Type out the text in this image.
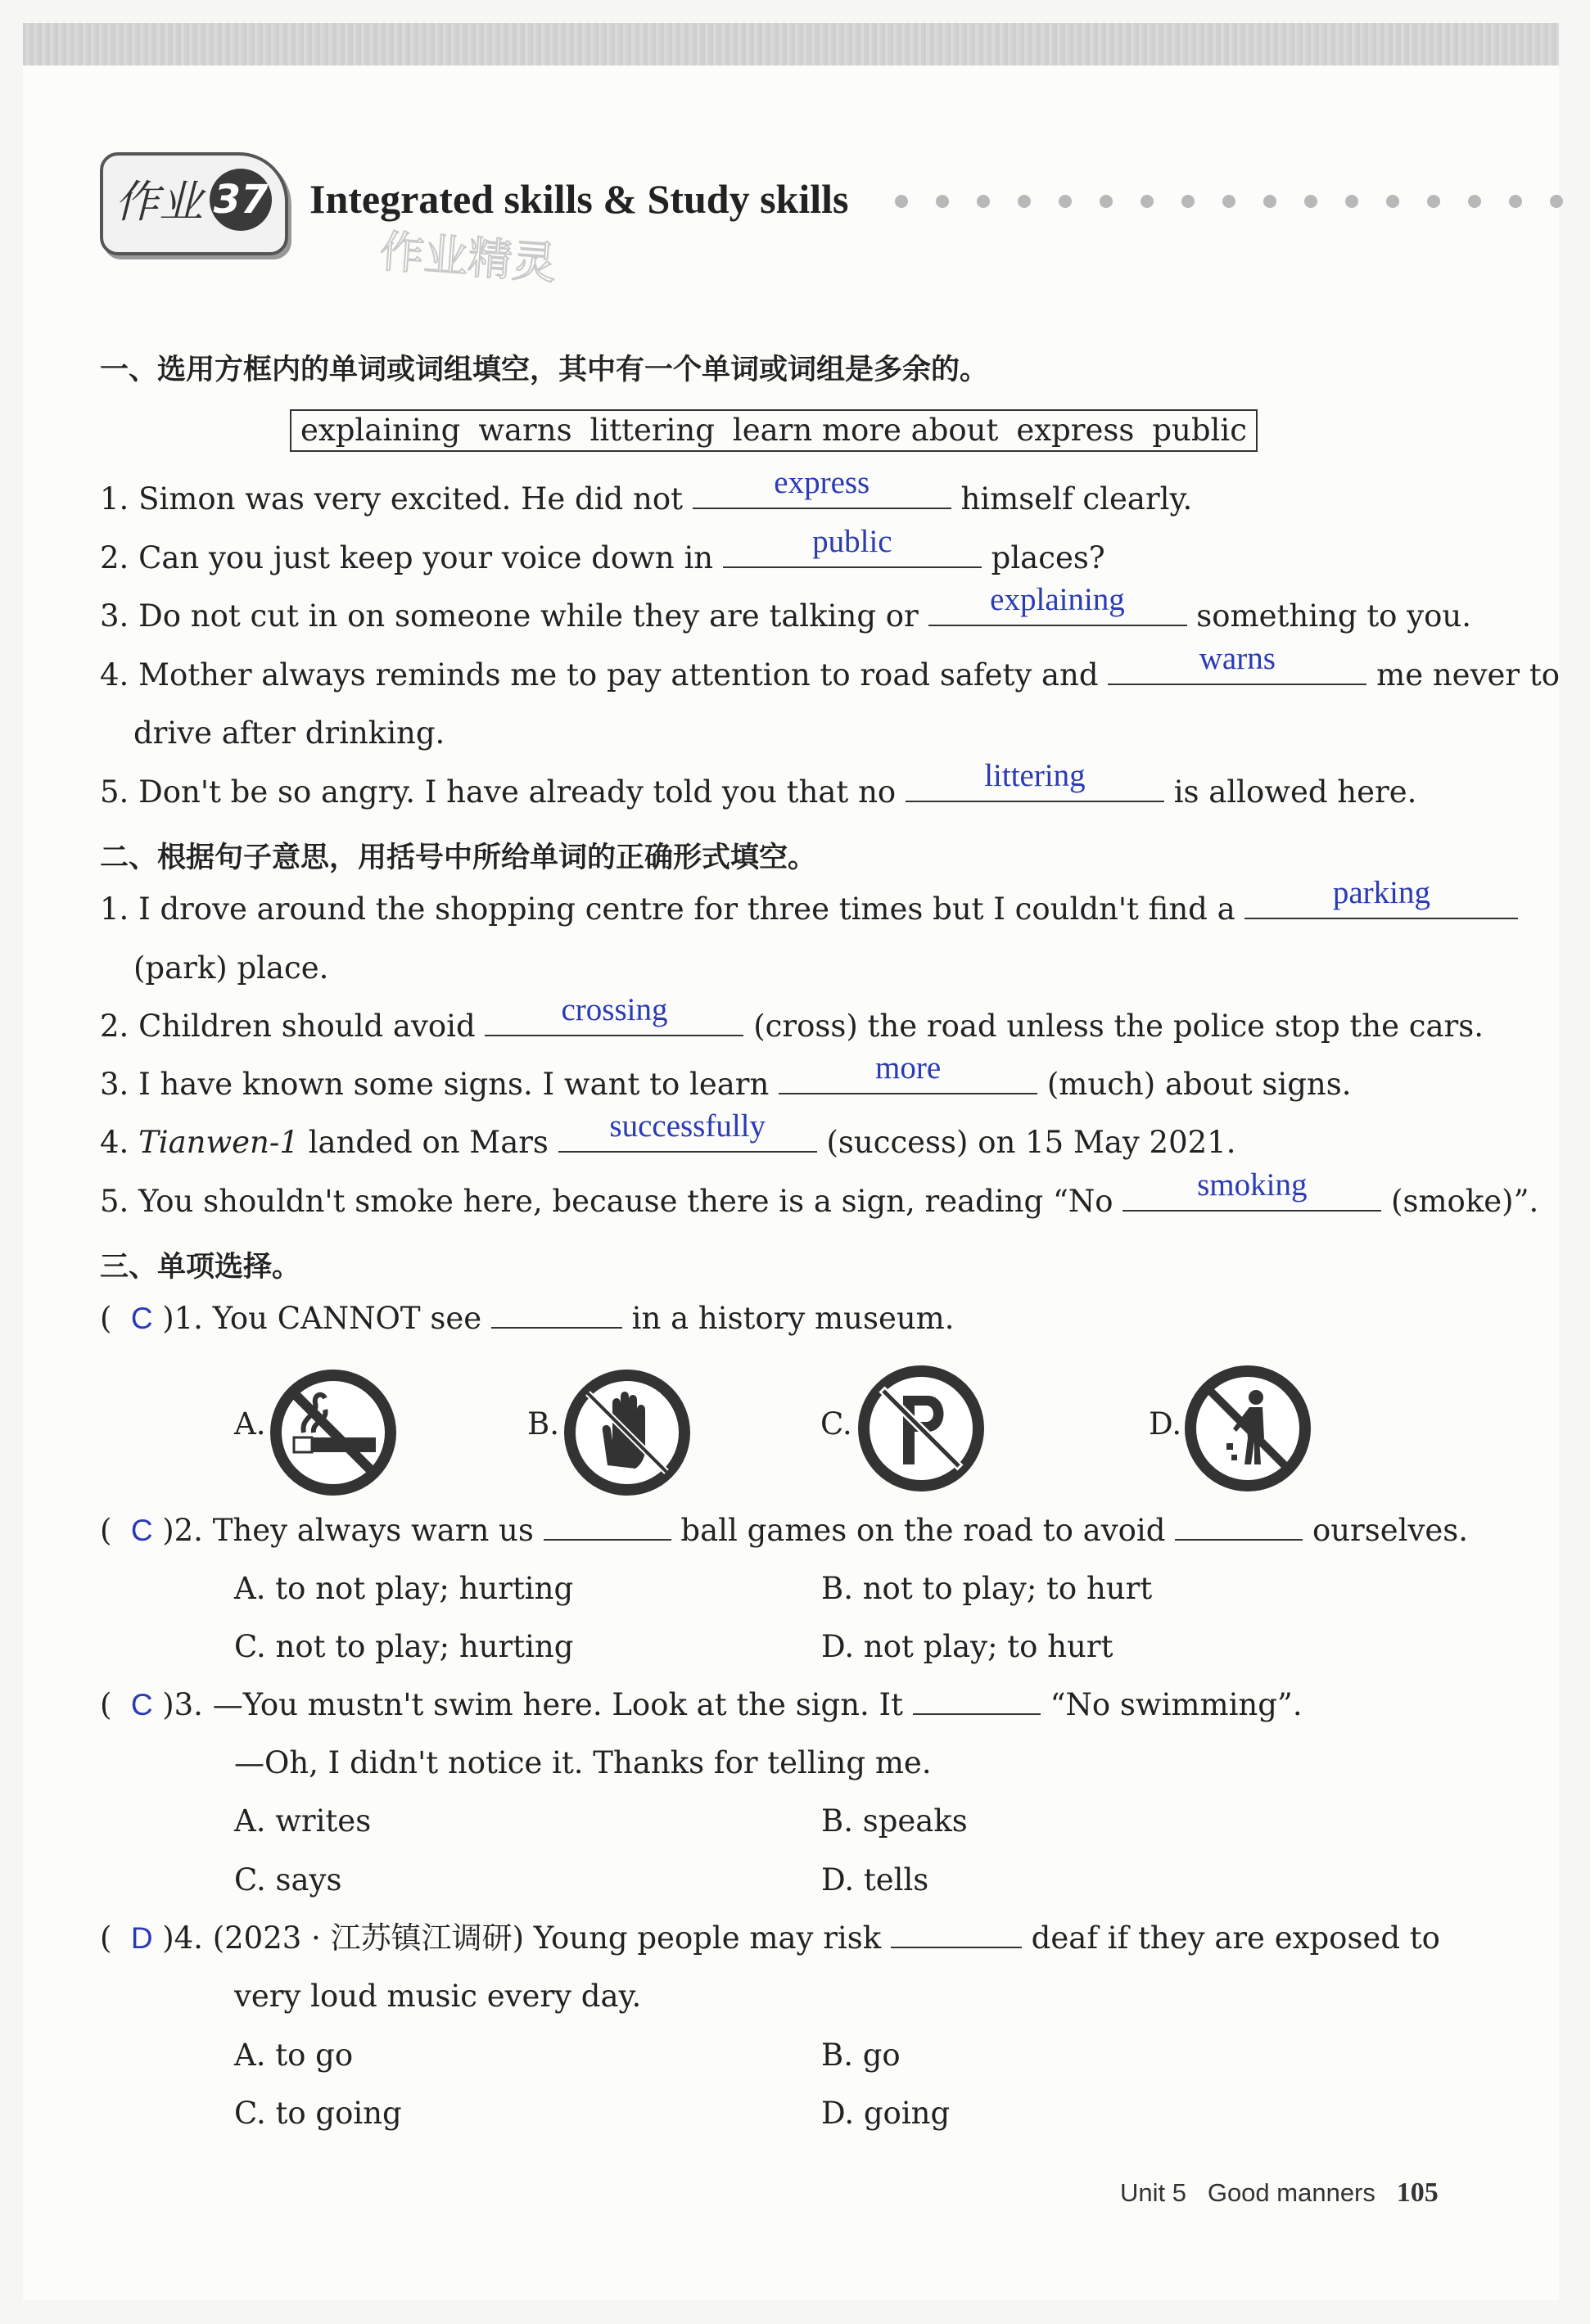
作业 37 Integrated skills & Study skills
作业精灵
一、选用方框内的单词或词组填空，其中有一个单词或词组是多余的。
explaining warns littering learn more about express public
1. Simon was very excited. He did not	express	himself clearly.
2. Can you just keep your voice down in	public	places?
3. Do not cut in on someone while they are talking or	explaining	something to you.
4. Mother always reminds me to pay attention to road safety and	warns	me never to
drive after drinking.
5. Don't be so angry. I have already told you that no	littering	is allowed here.
二、根据句子意思，用括号中所给单词的正确形式填空。
1. I drove around the shopping centre for three times but I couldn't find a	parking
(park) place.
2. Children should avoid	crossing	(cross) the road unless the police stop the cars.
3. I have known some signs. I want to learn	more	(much) about signs.
4. Tianwen-1 landed on Mars	successfully	(success) on 15 May 2021.
5. You shouldn't smoke here, because there is a sign, reading “No	smoking	(smoke)”.
三、单项选择。
( C )1. You CANNOT see	in a history museum.
A.	B.	C.	D.
( C )2. They always warn us	ball games on the road to avoid	ourselves.
A. to not play; hurting	B. not to play; to hurt
C. not to play; hurting	D. not play; to hurt
( C )3. —You mustn't swim here. Look at the sign. It	“No swimming”.
—Oh, I didn't notice it. Thanks for telling me.
A. writes	B. speaks
C. says	D. tells
( D )4. (2023 · 江苏镇江调研) Young people may risk	deaf if they are exposed to
very loud music every day.
A. to go	B. go
C. to going	D. going
Unit 5 Good manners 105
